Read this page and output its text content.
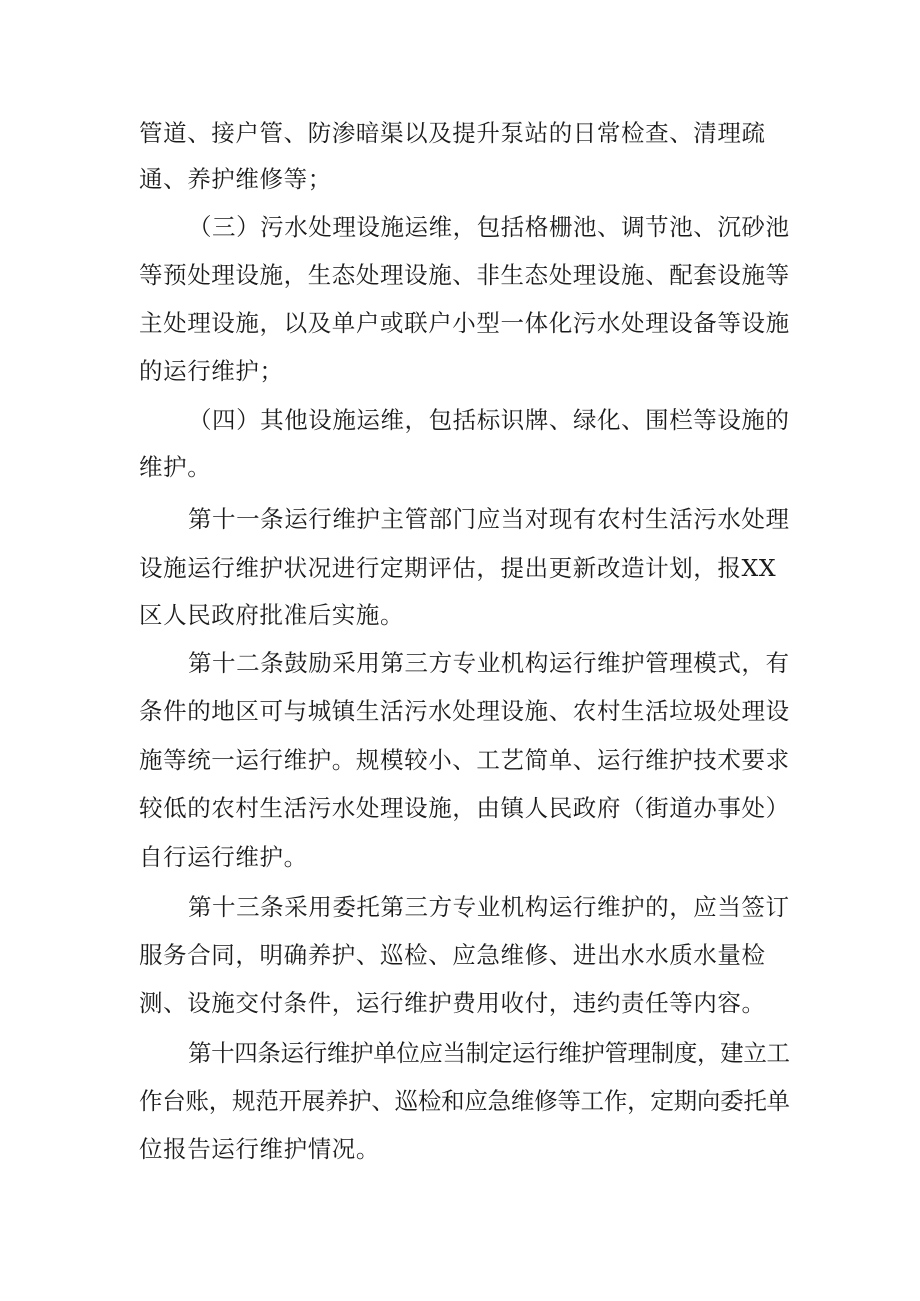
管道、接户管、防渗暗渠以及提升泵站的日常检查、清理疏
通、养护维修等；
（三）污水处理设施运维，包括格栅池、调节池、沉砂池
等预处理设施，生态处理设施、非生态处理设施、配套设施等
主处理设施，以及单户或联户小型一体化污水处理设备等设施
的运行维护；
（四）其他设施运维，包括标识牌、绿化、围栏等设施的
维护。
第十一条运行维护主管部门应当对现有农村生活污水处理
设施运行维护状况进行定期评估，提出更新改造计划，报XX
区人民政府批准后实施。
第十二条鼓励采用第三方专业机构运行维护管理模式，有
条件的地区可与城镇生活污水处理设施、农村生活垃圾处理设
施等统一运行维护。规模较小、工艺简单、运行维护技术要求
较低的农村生活污水处理设施，由镇人民政府（街道办事处）
自行运行维护。
第十三条采用委托第三方专业机构运行维护的，应当签订
服务合同，明确养护、巡检、应急维修、进出水水质水量检
测、设施交付条件，运行维护费用收付，违约责任等内容。
第十四条运行维护单位应当制定运行维护管理制度，建立工
作台账，规范开展养护、巡检和应急维修等工作，定期向委托单
位报告运行维护情况。
